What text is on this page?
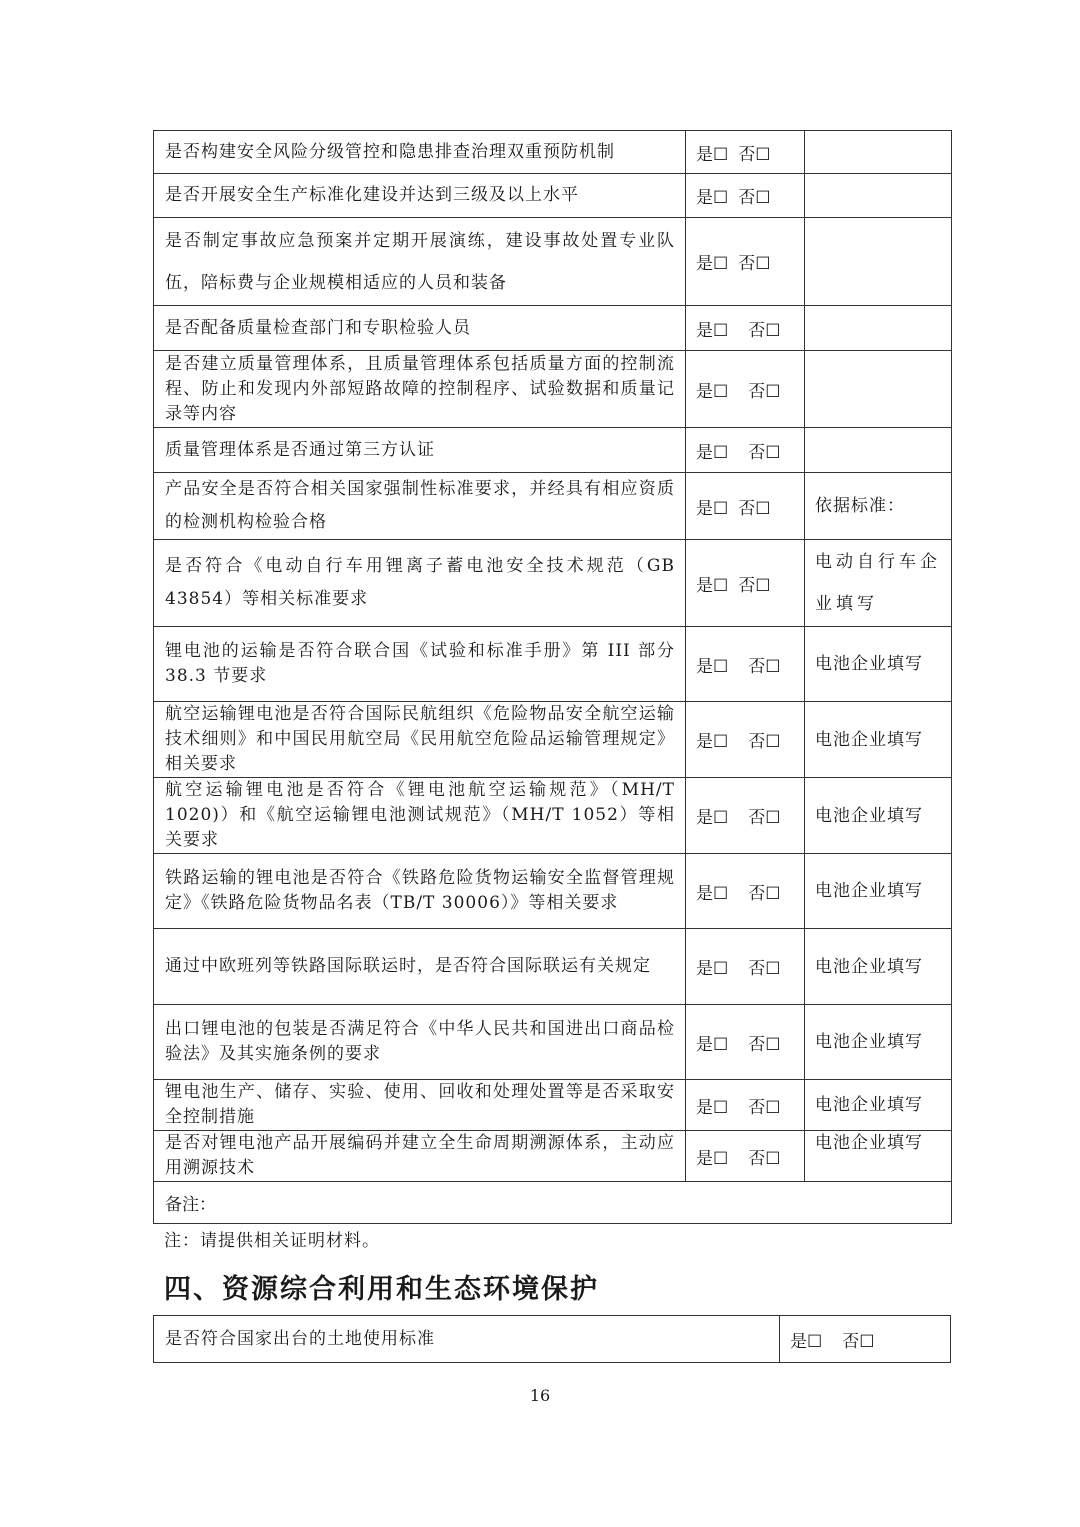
是否构建安全风险分级管控和隐患排查治理双重预防机制	是☐ 否☐	
是否开展安全生产标准化建设并达到三级及以上水平	是☐ 否☐	
是否制定事故应急预案并定期开展演练，建设事故处置专业队伍，陪标费与企业规模相适应的人员和装备	是☐ 否☐	
是否配备质量检查部门和专职检验人员	是☐ 否☐	
是否建立质量管理体系，且质量管理体系包括质量方面的控制流程、防止和发现内外部短路故障的控制程序、试验数据和质量记录等内容	是☐ 否☐	
质量管理体系是否通过第三方认证	是☐ 否☐	
产品安全是否符合相关国家强制性标准要求，并经具有相应资质的检测机构检验合格	是☐ 否☐	依据标准：
是否符合《电动自行车用锂离子蓄电池安全技术规范（GB 43854）等相关标准要求	是☐ 否☐	电动自行车企业填写
锂电池的运输是否符合联合国《试验和标准手册》第 III 部分 38.3 节要求	是☐ 否☐	电池企业填写
航空运输锂电池是否符合国际民航组织《危险物品安全航空运输技术细则》和中国民用航空局《民用航空危险品运输管理规定》相关要求	是☐ 否☐	电池企业填写
航空运输锂电池是否符合《锂电池航空运输规范》（MH/T 1020)）和《航空运输锂电池测试规范》（MH/T 1052）等相关要求	是☐ 否☐	电池企业填写
铁路运输的锂电池是否符合《铁路危险货物运输安全监督管理规定》《铁路危险货物品名表（TB/T 30006）》等相关要求	是☐ 否☐	电池企业填写
通过中欧班列等铁路国际联运时，是否符合国际联运有关规定	是☐ 否☐	电池企业填写
出口锂电池的包装是否满足符合《中华人民共和国进出口商品检验法》及其实施条例的要求	是☐ 否☐	电池企业填写
锂电池生产、储存、实验、使用、回收和处理处置等是否采取安全控制措施	是☐ 否☐	电池企业填写
是否对锂电池产品开展编码并建立全生命周期溯源体系，主动应用溯源技术	是☐ 否☐	电池企业填写
备注：		
注：请提供相关证明材料。
四、资源综合利用和生态环境保护
是否符合国家出台的土地使用标准	是☐ 否☐
16
